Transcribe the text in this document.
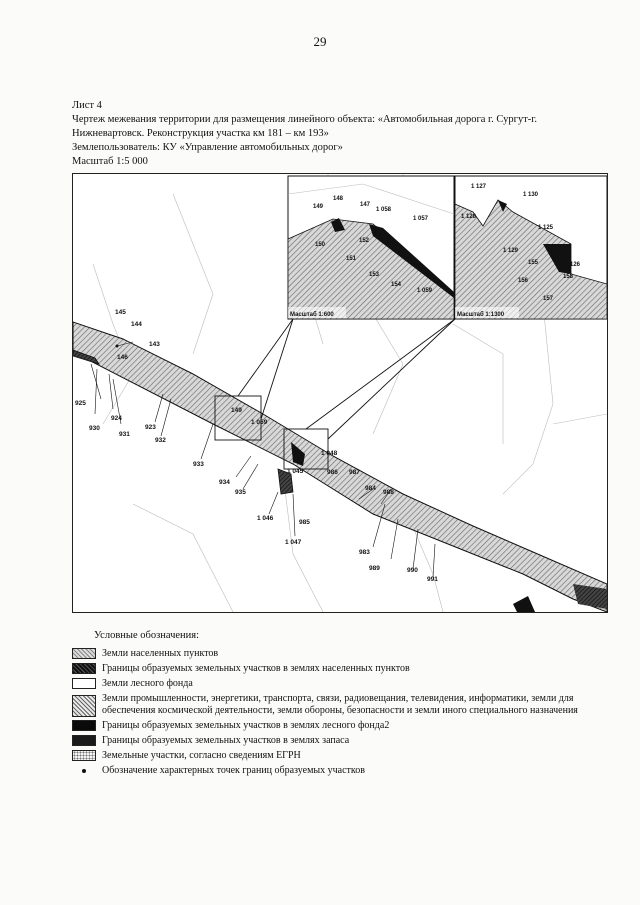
29
Лист 4
Чертеж межевания территории для размещения линейного объекта: «Автомобильная дорога г. Сургут-г. Нижневартовск. Реконструкция участка км 181 – км 193»
Землепользователь: КУ «Управление автомобильных дорог»
Масштаб 1:5 000
148
147
149	1 058
1 057
150
152
151
153
154
1 059
Масштаб 1:600
1 127
1 130
1 128
1 125
1 129
155	1 126
156
158
157
Масштаб 1:1300
145
144
143
146
925
930
924
931
923
932
933
934
935
149
1 059
1 048
1 045	986 987
984
988
1 046
985
1 047
983
989	990
991
Условные обозначения:
Земли населенных пунктов
Границы образуемых земельных участков в землях населенных пунктов
Земли лесного фонда
Земли промышленности, энергетики, транспорта, связи, радиовещания, телевидения, информатики, земли для обеспечения космической деятельности, земли обороны, безопасности и земли иного специального назначения
Границы образуемых земельных участков в землях лесного фонда2
Границы образуемых земельных участков в землях запаса
Земельные участки, согласно сведениям ЕГРН
Обозначение характерных точек границ образуемых участков
